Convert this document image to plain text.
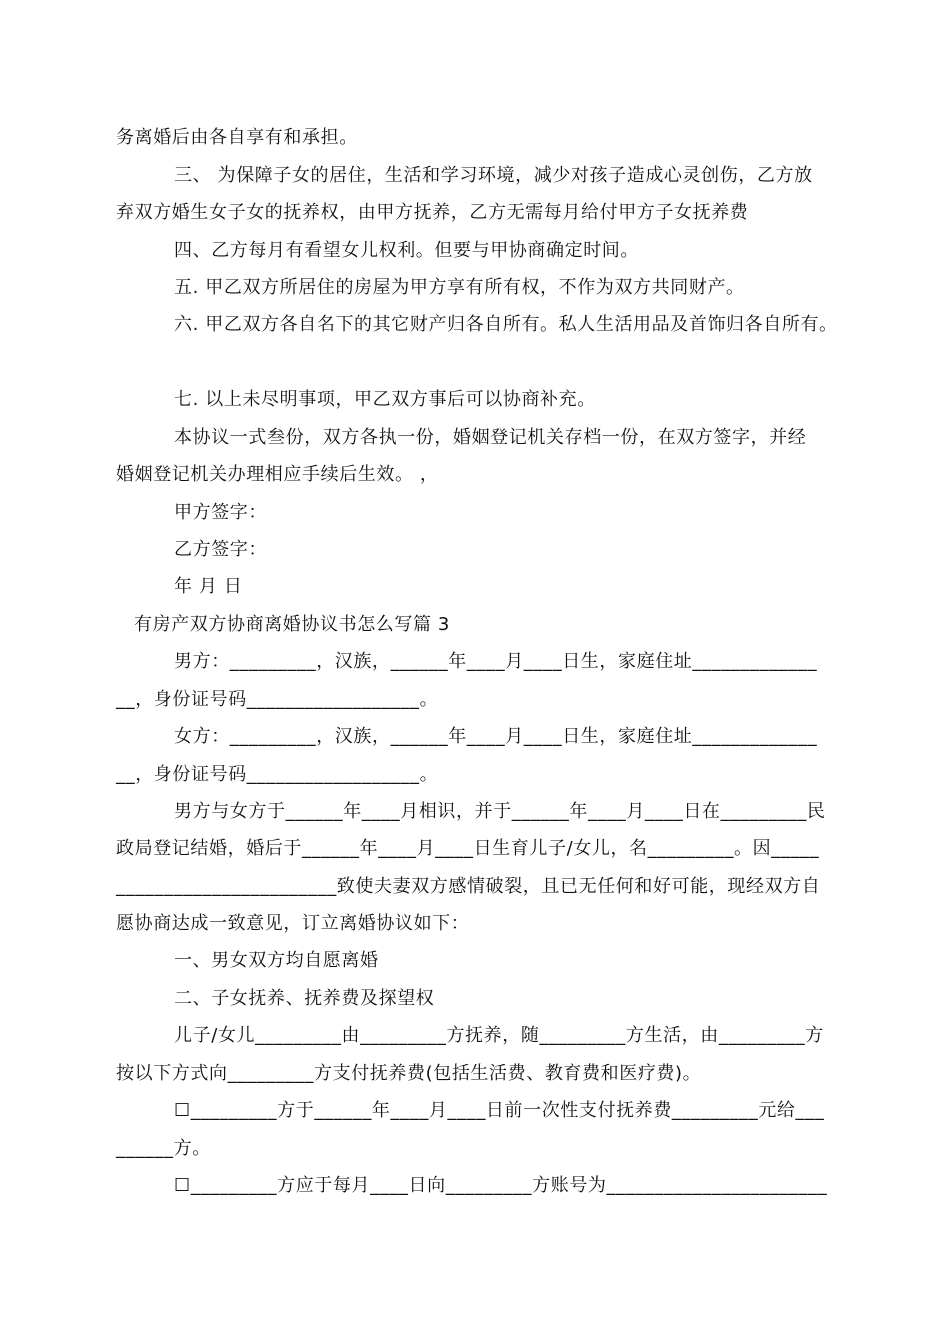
务离婚后由各自享有和承担。
三、 为保障子女的居住，生活和学习环境，减少对孩子造成心灵创伤，乙方放
弃双方婚生女子女的抚养权，由甲方抚养，乙方无需每月给付甲方子女抚养费
四、乙方每月有看望女儿权利。但要与甲协商确定时间。
五. 甲乙双方所居住的房屋为甲方享有所有权，不作为双方共同财产。
六. 甲乙双方各自名下的其它财产归各自所有。私人生活用品及首饰归各自所有。
七. 以上未尽明事项，甲乙双方事后可以协商补充。
本协议一式叁份，双方各执一份，婚姻登记机关存档一份，在双方签字，并经
婚姻登记机关办理相应手续后生效。 ，
甲方签字：
乙方签字：
年 月 日
有房产双方协商离婚协议书怎么写篇 3
男方：_________，汉族，______年____月____日生，家庭住址_____________
__，身份证号码__________________。
女方：_________，汉族，______年____月____日生，家庭住址_____________
__，身份证号码__________________。
男方与女方于______年____月相识，并于______年____月____日在_________民
政局登记结婚，婚后于______年____月____日生育儿子/女儿，名_________。因_____
_______________________致使夫妻双方感情破裂，且已无任何和好可能，现经双方自
愿协商达成一致意见，订立离婚协议如下：
一、男女双方均自愿离婚
二、子女抚养、抚养费及探望权
儿子/女儿_________由_________方抚养，随_________方生活，由_________方
按以下方式向_________方支付抚养费(包括生活费、教育费和医疗费)。
☐_________方于______年____月____日前一次性支付抚养费_________元给___
______方。
☐_________方应于每月____日向_________方账号为_______________________
